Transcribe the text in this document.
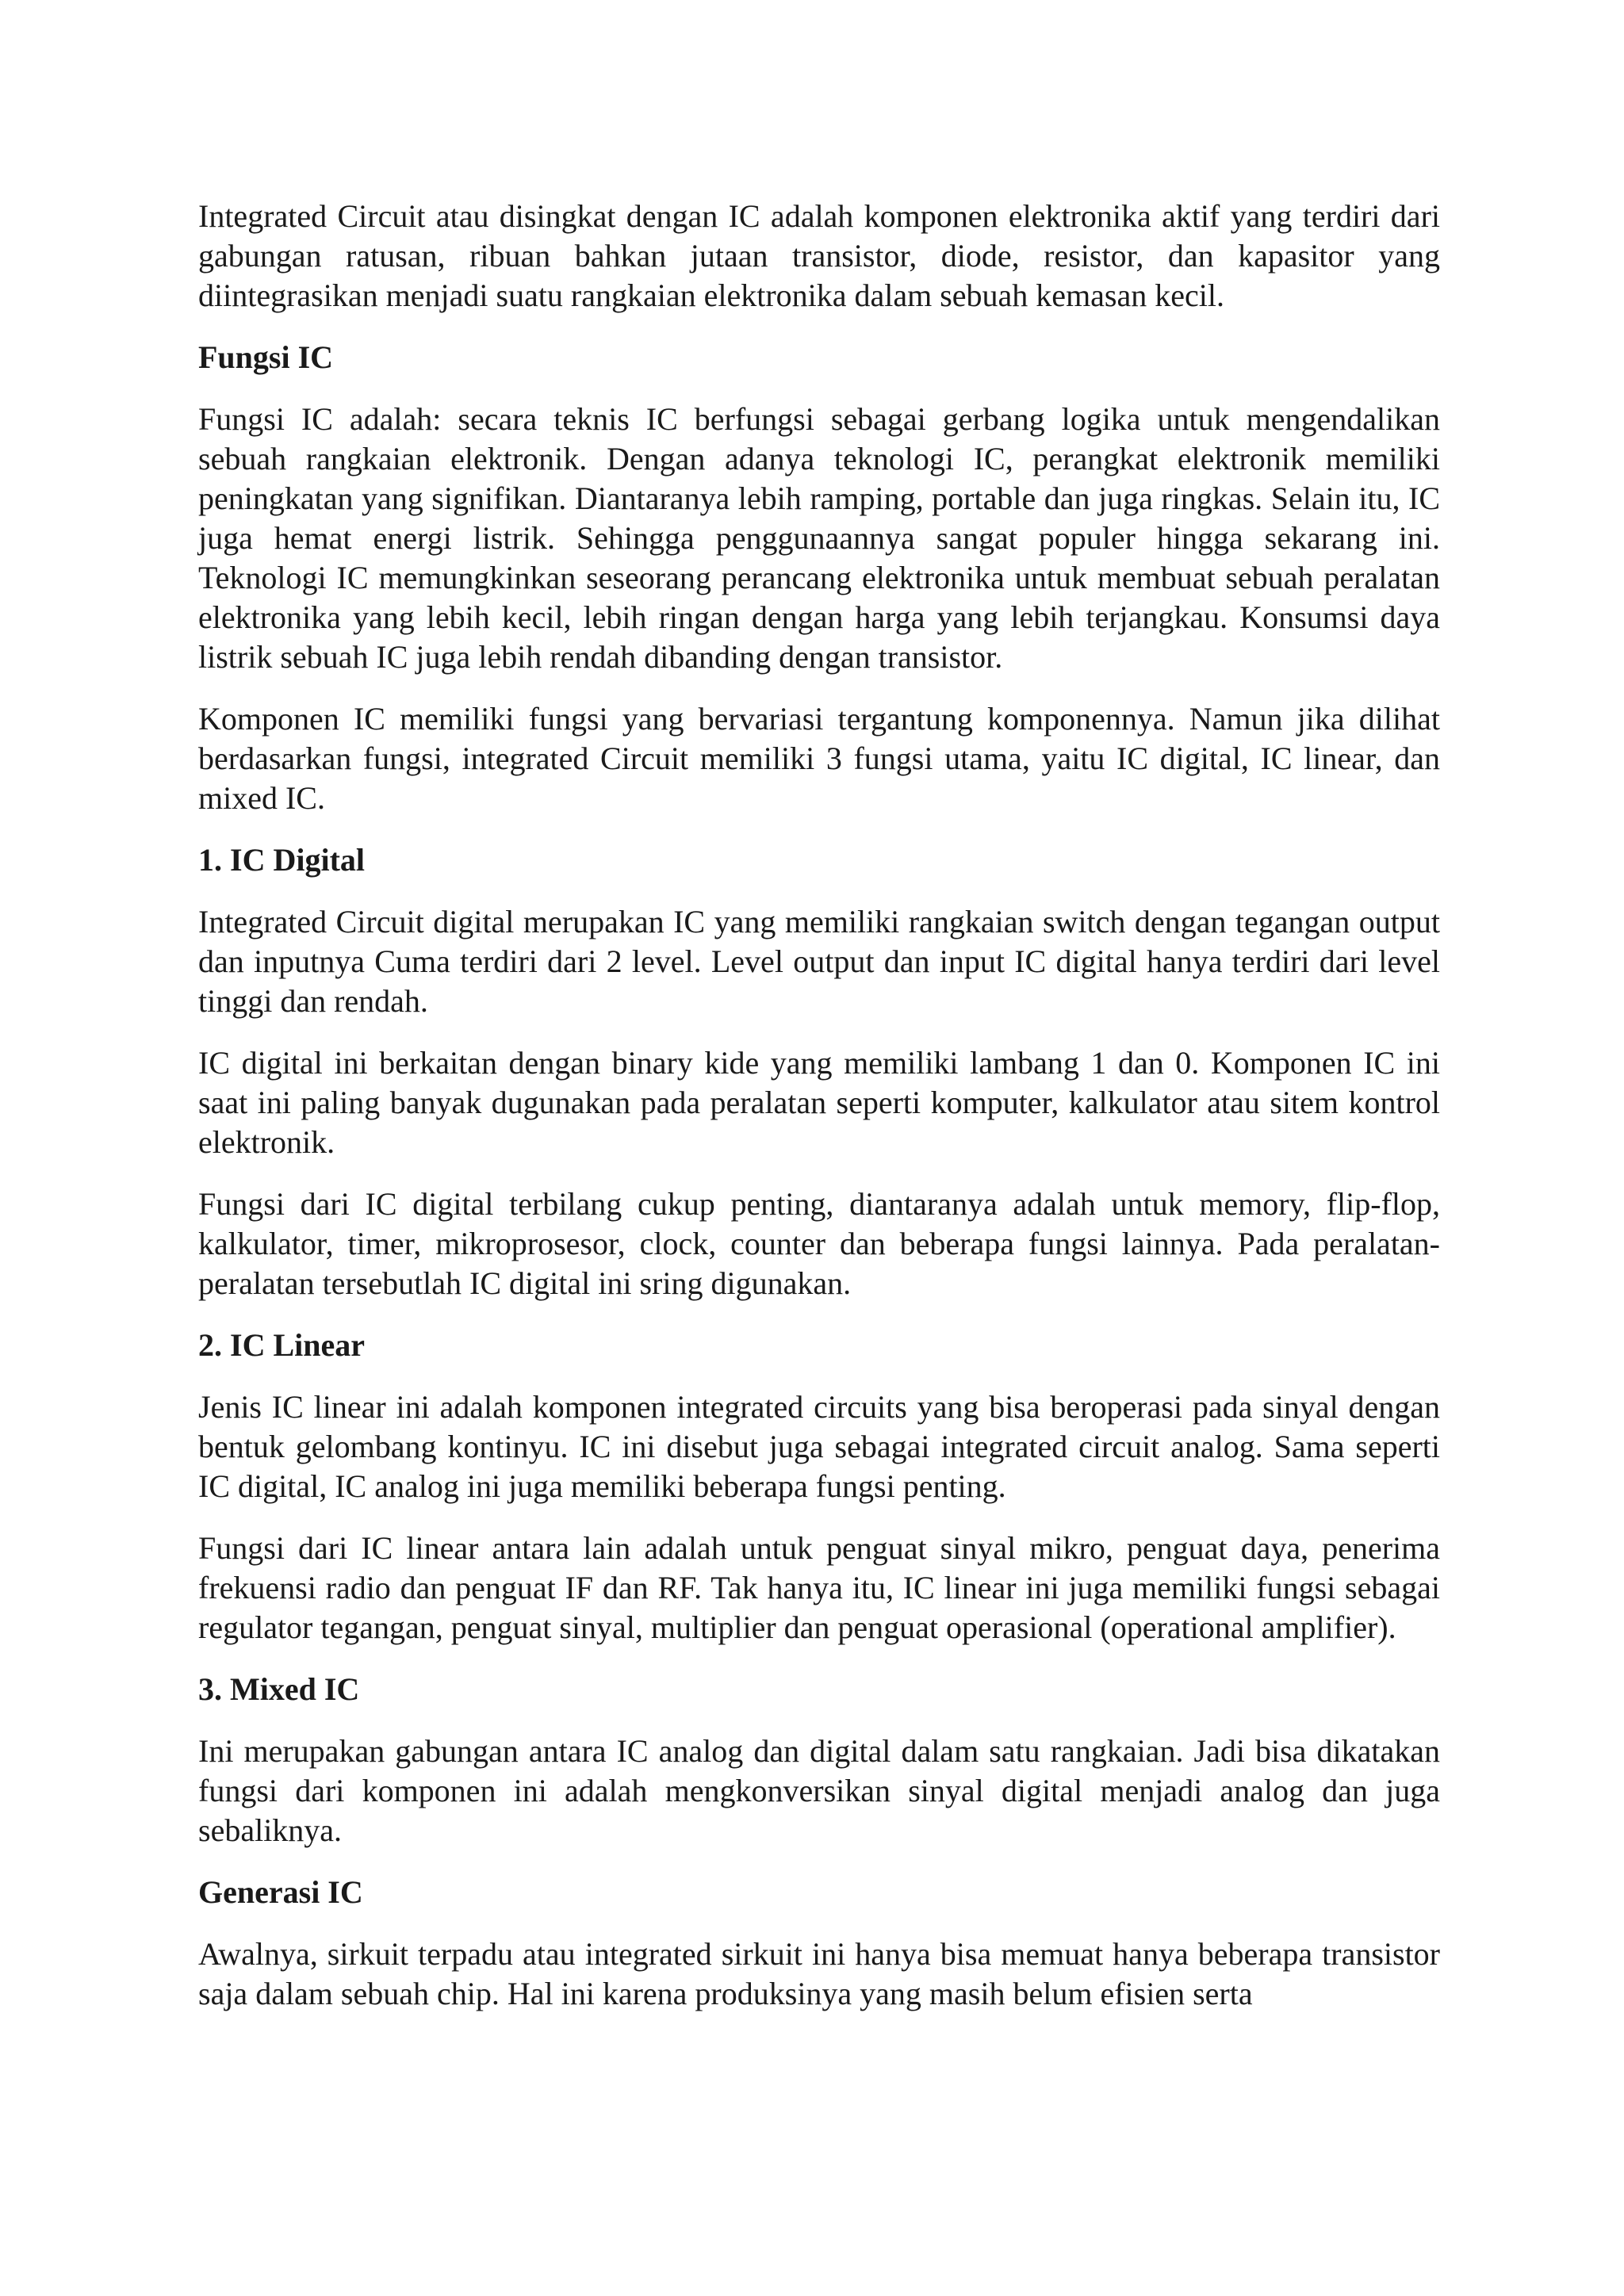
Integrated Circuit atau disingkat dengan IC adalah komponen elektronika aktif yang terdiri dari gabungan ratusan, ribuan bahkan jutaan transistor, diode, resistor, dan kapasitor yang diintegrasikan menjadi suatu rangkaian elektronika dalam sebuah kemasan kecil.

Fungsi IC

Fungsi IC adalah: secara teknis IC berfungsi sebagai gerbang logika untuk mengendalikan sebuah rangkaian elektronik. Dengan adanya teknologi IC, perangkat elektronik memiliki peningkatan yang signifikan. Diantaranya lebih ramping, portable dan juga ringkas. Selain itu, IC juga hemat energi listrik. Sehingga penggunaannya sangat populer hingga sekarang ini. Teknologi IC memungkinkan seseorang perancang elektronika untuk membuat sebuah peralatan elektronika yang lebih kecil, lebih ringan dengan harga yang lebih terjangkau. Konsumsi daya listrik sebuah IC juga lebih rendah dibanding dengan transistor.

Komponen IC memiliki fungsi yang bervariasi tergantung komponennya. Namun jika dilihat berdasarkan fungsi, integrated Circuit memiliki 3 fungsi utama, yaitu IC digital, IC linear, dan mixed IC.

1. IC Digital

Integrated Circuit digital merupakan IC yang memiliki rangkaian switch dengan tegangan output dan inputnya Cuma terdiri dari 2 level. Level output dan input IC digital hanya terdiri dari level tinggi dan rendah.

IC digital ini berkaitan dengan binary kide yang memiliki lambang 1 dan 0. Komponen IC ini saat ini paling banyak dugunakan pada peralatan seperti komputer, kalkulator atau sitem kontrol elektronik.

Fungsi dari IC digital terbilang cukup penting, diantaranya adalah untuk memory, flip-flop, kalkulator, timer, mikroprosesor, clock, counter dan beberapa fungsi lainnya. Pada peralatan-peralatan tersebutlah IC digital ini sring digunakan.

2. IC Linear

Jenis IC linear ini adalah komponen integrated circuits yang bisa beroperasi pada sinyal dengan bentuk gelombang kontinyu. IC ini disebut juga sebagai integrated circuit analog. Sama seperti IC digital, IC analog ini juga memiliki beberapa fungsi penting.

Fungsi dari IC linear antara lain adalah untuk penguat sinyal mikro, penguat daya, penerima frekuensi radio dan penguat IF dan RF. Tak hanya itu, IC linear ini juga memiliki fungsi sebagai regulator tegangan, penguat sinyal, multiplier dan penguat operasional (operational amplifier).

3. Mixed IC

Ini merupakan gabungan antara IC analog dan digital dalam satu rangkaian. Jadi bisa dikatakan fungsi dari komponen ini adalah mengkonversikan sinyal digital menjadi analog dan juga sebaliknya.

Generasi IC

Awalnya, sirkuit terpadu atau integrated sirkuit ini hanya bisa memuat hanya beberapa transistor saja dalam sebuah chip. Hal ini karena produksinya yang masih belum efisien serta
